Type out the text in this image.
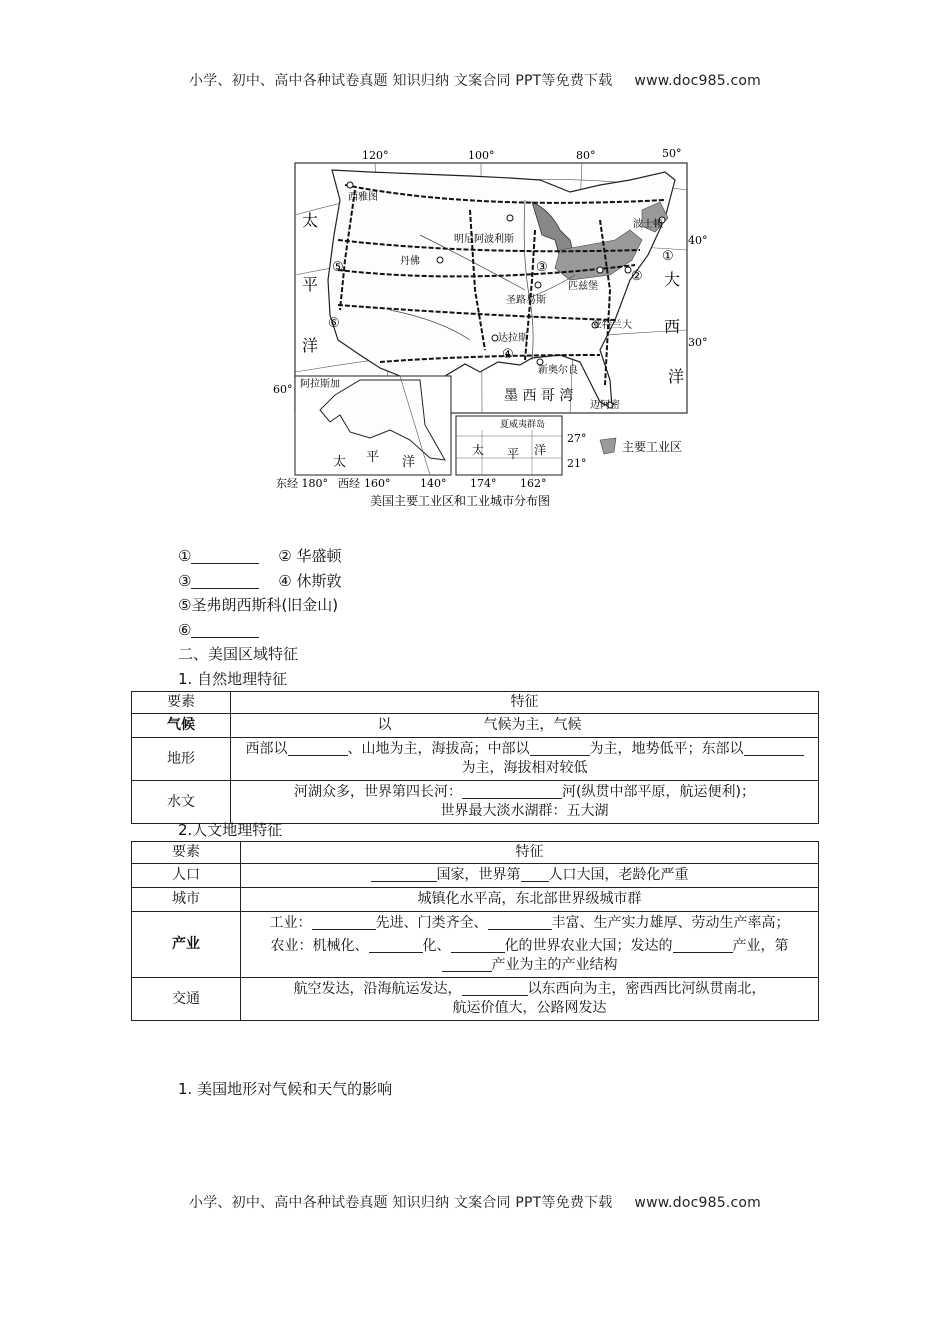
小学、初中、高中各种试卷真题 知识归纳 文案合同 PPT等免费下载 www.doc985.com
120°	100°	80°	50°
40°
30°
60°
太
平
洋
大
西
洋
墨 西 哥 湾
西雅图
明尼阿波利斯
波士顿
丹佛
圣路易斯
匹兹堡
达拉斯
亚特兰大
新奥尔良
迈阿密
①
②
③
④
⑤
⑥
阿拉斯加
太 平 洋
夏威夷群岛
太 平 洋
27°
21°
东经 180° 西经 160°	140° 174° 162°
主要工业区
美国主要工业区和工业城市分布图
①	② 华盛顿
③	④ 休斯敦
⑤圣弗朗西斯科(旧金山)
⑥
二、美国区域特征
1. 自然地理特征
要素	特征
气候	以 气候为主，气候
地形	西部以 、山地为主，海拔高；中部以 为主，地势低平；东部以为主，海拔相对较低
水文	河湖众多，世界第四长河： 河(纵贯中部平原，航运便利)；
世界最大淡水湖群：五大湖
2.人文地理特征
要素	特征
人口	国家，世界第 人口大国，老龄化严重
城市	城镇化水平高，东北部世界级城市群
产业	工业： 先进、门类齐全、 丰富、生产实力雄厚、劳动生产率高；
农业：机械化、 化、 化的世界农业大国；发达的 产业，第产业为主的产业结构

交通	航空发达，沿海航运发达， 以东西向为主，密西西比河纵贯南北，
航运价值大，公路网发达
1. 美国地形对气候和天气的影响
小学、初中、高中各种试卷真题 知识归纳 文案合同 PPT等免费下载 www.doc985.com
